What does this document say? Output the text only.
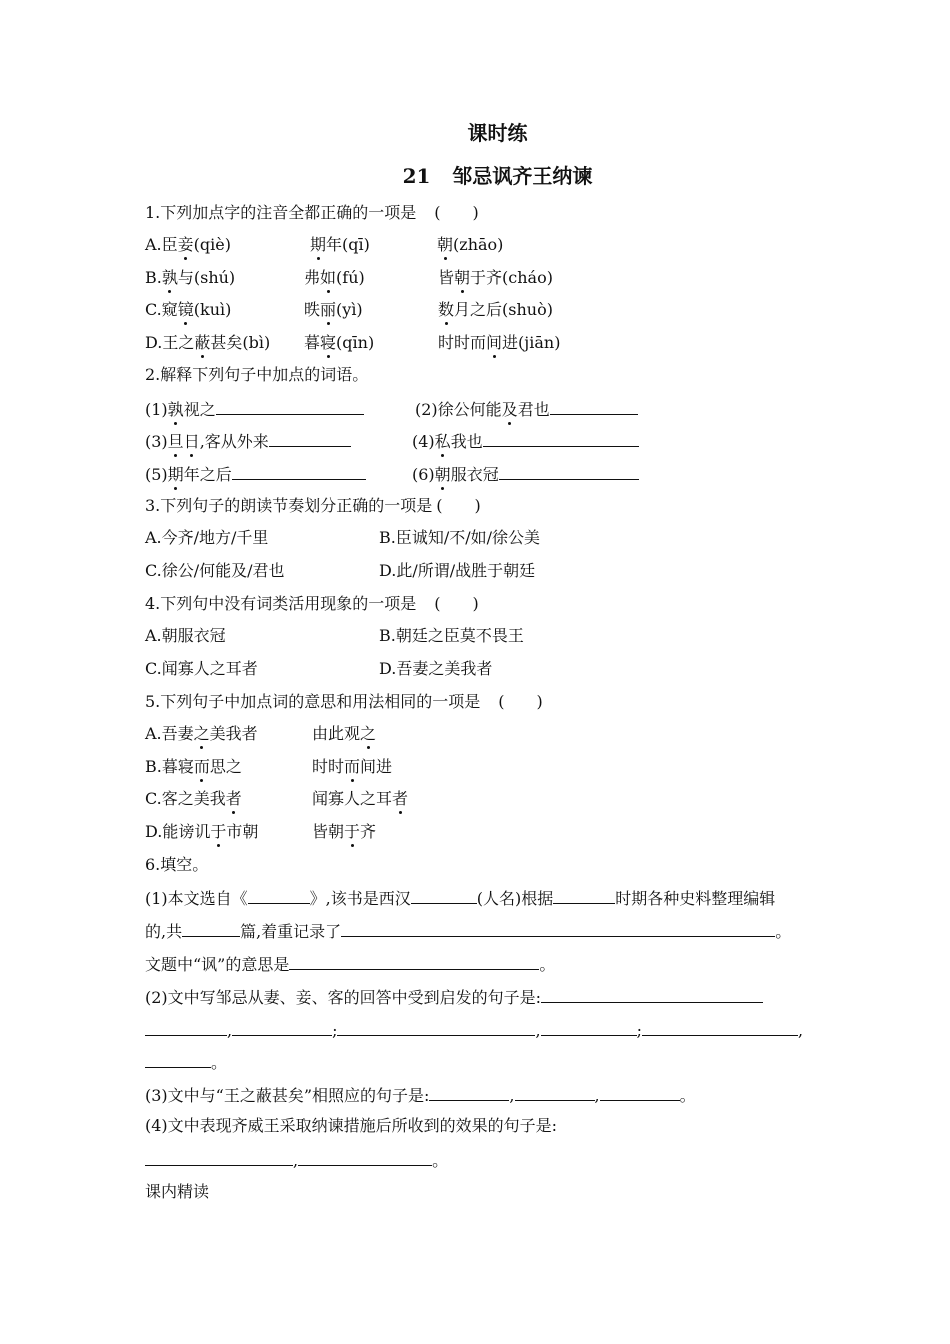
课时练
21 邹忌讽齐王纳谏
1.下列加点字的注音全都正确的一项是 (　　)
A.臣妾(qiè)	期年(qī)	朝(zhāo)
B.孰与(shú)	弗如(fú)	皆朝于齐(cháo)
C.窥镜(kuì)	昳丽(yì)	数月之后(shuò)
D.王之蔽甚矣(bì) 暮寝(qīn)	时时而间进(jiān)
2.解释下列句子中加点的词语。
(1)孰视之	(2)徐公何能及君也
(3)旦日,客从外来	(4)私我也
(5)期年之后	(6)朝服衣冠
3.下列句子的朗读节奏划分正确的一项是 (　　)
A.今齐/地方/千里	B.臣诚知/不/如/徐公美
C.徐公/何能及/君也	D.此/所谓/战胜于朝廷
4.下列句中没有词类活用现象的一项是 (　　)
A.朝服衣冠	B.朝廷之臣莫不畏王
C.闻寡人之耳者	D.吾妻之美我者
5.下列句子中加点词的意思和用法相同的一项是 (　　)
A.吾妻之美我者	由此观之
B.暮寝而思之	时时而间进
C.客之美我者	闻寡人之耳者
D.能谤讥于市朝	皆朝于齐
6.填空。
(1)本文选自《	》,该书是西汉	(人名)根据	时期各种史料整理编辑
的,共	篇,着重记录了	。
文题中“讽”的意思是	。
(2)文中写邹忌从妻、妾、客的回答中受到启发的句子是:
,	;	,	;	,
。
(3)文中与“王之蔽甚矣”相照应的句子是:	,	,	。
(4)文中表现齐威王采取纳谏措施后所收到的效果的句子是:
,	。
课内精读
